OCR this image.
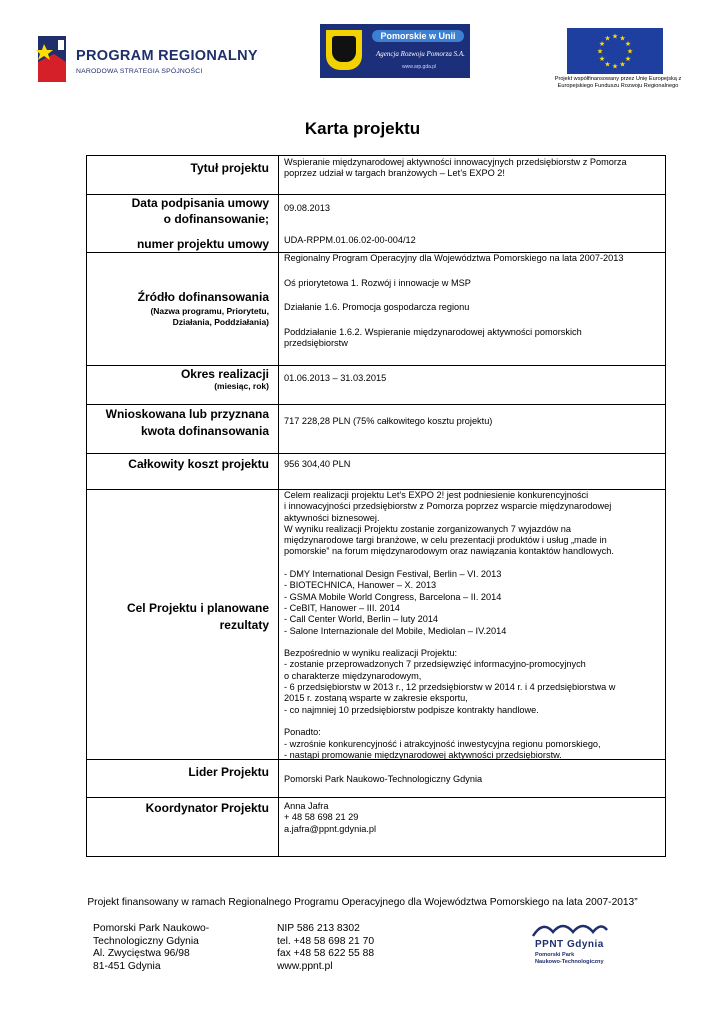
PROGRAM REGIONALNY
NARODOWA STRATEGIA SPÓJNOŚCI
Pomorskie w Unii
Agencja Rozwoju Pomorza S.A.
www.arp.gda.pl
★
★
★
★
★
★
★
★
★ ★ ★
★
Projekt współfinansowany przez Unię Europejską z
Europejskiego Funduszu Rozwoju Regionalnego
Karta projektu
Tytuł projektu Wspieranie międzynarodowej aktywności innowacyjnych przedsiębiorstw z Pomorza

poprzez udział w targach branżowych – Let’s EXPO 2!

Data podpisania umowy
o dofinansowanie;
09.08.2013
numer projektu umowy UDA-RPPM.01.06.02-00-004/12
Źródło dofinansowania
(Nazwa programu, Priorytetu,
Działania, Poddziałania)
Regionalny Program Operacyjny dla Województwa Pomorskiego na lata 2007-2013
Oś priorytetowa 1. Rozwój i innowacje w MSP
Działanie 1.6. Promocja gospodarcza regionu

Poddziałanie 1.6.2. Wspieranie międzynarodowej aktywności pomorskich

przedsiębiorstw

Okres realizacji
(miesiąc, rok)
01.06.2013 – 31.03.2015
Wnioskowana lub przyznana
kwota dofinansowania
717 228,28 PLN (75% całkowitego kosztu projektu)
Całkowity koszt projektu 956 304,40 PLN
Cel Projektu i planowane
rezultaty

Celem realizacji projektu Let’s EXPO 2! jest podniesienie konkurencyjności

i innowacyjności przedsiębiorstw z Pomorza poprzez wsparcie międzynarodowej

aktywności biznesowej.

W wyniku realizacji Projektu zostanie zorganizowanych 7 wyjazdów na

międzynarodowe targi branżowe, w celu prezentacji produktów i usług „made in

pomorskie” na forum międzynarodowym oraz nawiązania kontaktów handlowych.

- DMY International Design Festival, Berlin – VI. 2013

- BIOTECHNICA, Hanower – X. 2013

- GSMA Mobile World Congress, Barcelona – II. 2014

- CeBIT, Hanower – III. 2014

- Call Center World, Berlin – luty 2014

- Salone Internazionale del Mobile, Mediolan – IV.2014

Bezpośrednio w wyniku realizacji Projektu:

- zostanie przeprowadzonych 7 przedsięwzięć informacyjno-promocyjnych

o charakterze międzynarodowym,

- 6 przedsiębiorstw w 2013 r., 12 przedsiębiorstw w 2014 r. i 4 przedsiębiorstwa w

2015 r. zostaną wsparte w zakresie eksportu,

- co najmniej 10 przedsiębiorstw podpisze kontrakty handlowe.

Ponadto:

- wzrośnie konkurencyjność i atrakcyjność inwestycyjna regionu pomorskiego,

- nastąpi promowanie międzynarodowej aktywności przedsiębiorstw.

Lider Projektu Pomorski Park Naukowo-Technologiczny Gdynia
Koordynator Projektu Anna Jafra

+ 48 58 698 21 29

a.jafra@ppnt.gdynia.pl

Projekt finansowany w ramach Regionalnego Programu Operacyjnego dla Województwa Pomorskiego na lata 2007-2013”
Pomorski Park Naukowo-
Technologiczny Gdynia
Al. Zwycięstwa 96/98
81-451 Gdynia
NIP 586 213 8302
tel. +48 58 698 21 70
fax +48 58 622 55 88
www.ppnt.pl
PPNT Gdynia
Pomorski Park
Naukowo-Technologiczny
